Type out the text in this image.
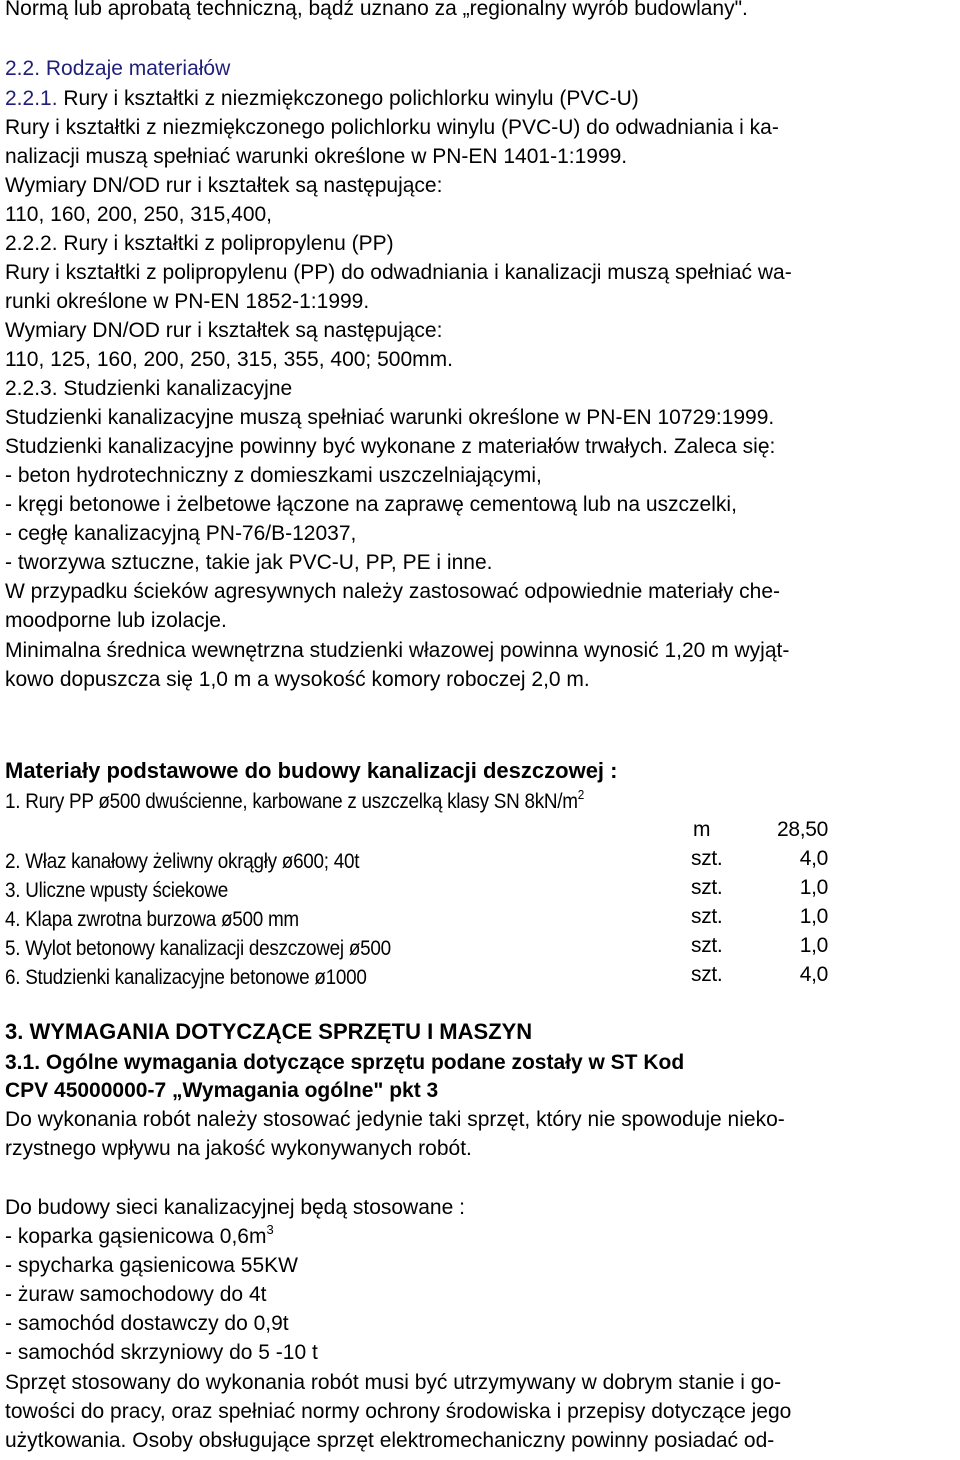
Normą lub aprobatą techniczną, bądź uznano za „regionalny wyrób budowlany".
2.2. Rodzaje materiałów
2.2.1. Rury i kształtki z niezmiękczonego polichlorku winylu (PVC-U)
Rury i kształtki z niezmiękczonego polichlorku winylu (PVC-U) do odwadniania i ka-
nalizacji muszą spełniać warunki określone w PN-EN 1401-1:1999.
Wymiary DN/OD rur i kształtek są następujące:
110, 160, 200, 250, 315,400,
2.2.2. Rury i kształtki z polipropylenu (PP)
Rury i kształtki z polipropylenu (PP) do odwadniania i kanalizacji muszą spełniać wa-
runki określone w PN-EN 1852-1:1999.
Wymiary DN/OD rur i kształtek są następujące:
110, 125, 160, 200, 250, 315, 355, 400; 500mm.
2.2.3. Studzienki kanalizacyjne
Studzienki kanalizacyjne muszą spełniać warunki określone w PN-EN 10729:1999.
Studzienki kanalizacyjne powinny być wykonane z materiałów trwałych. Zaleca się:
- beton hydrotechniczny z domieszkami uszczelniającymi,
- kręgi betonowe i żelbetowe łączone na zaprawę cementową lub na uszczelki,
- cegłę kanalizacyjną PN-76/B-12037,
- tworzywa sztuczne, takie jak PVC-U, PP, PE i inne.
W przypadku ścieków agresywnych należy zastosować odpowiednie materiały che-
moodporne lub izolacje.
Minimalna średnica wewnętrzna studzienki włazowej powinna wynosić 1,20 m wyjąt-
kowo dopuszcza się 1,0 m a wysokość komory roboczej 2,0 m.
Materiały podstawowe do budowy kanalizacji deszczowej :
1. Rury PP ø500 dwuścienne, karbowane z uszczelką klasy SN $8kN/m^2$
m	28,50
2. Właz kanałowy żeliwny okrągły ø600; 40t	szt.	4,0
3. Uliczne wpusty ściekowe	szt.	1,0
4. Klapa zwrotna burzowa ø500 mm	szt.	1,0
5. Wylot betonowy kanalizacji deszczowej ø500	szt.	1,0
6. Studzienki kanalizacyjne betonowe ø1000	szt.	4,0
3. WYMAGANIA DOTYCZĄCE SPRZĘTU I MASZYN
3.1. Ogólne wymagania dotyczące sprzętu podane zostały w ST Kod
CPV 45000000-7 „Wymagania ogólne" pkt 3
Do wykonania robót należy stosować jedynie taki sprzęt, który nie spowoduje nieko-
rzystnego wpływu na jakość wykonywanych robót.
Do budowy sieci kanalizacyjnej będą stosowane :
- koparka gąsienicowa $0,6m^3$
- spycharka gąsienicowa 55KW
- żuraw samochodowy do 4t
- samochód dostawczy do 0,9t
- samochód skrzyniowy do 5 -10 t
Sprzęt stosowany do wykonania robót musi być utrzymywany w dobrym stanie i go-
towości do pracy, oraz spełniać normy ochrony środowiska i przepisy dotyczące jego
użytkowania. Osoby obsługujące sprzęt elektromechaniczny powinny posiadać od-
